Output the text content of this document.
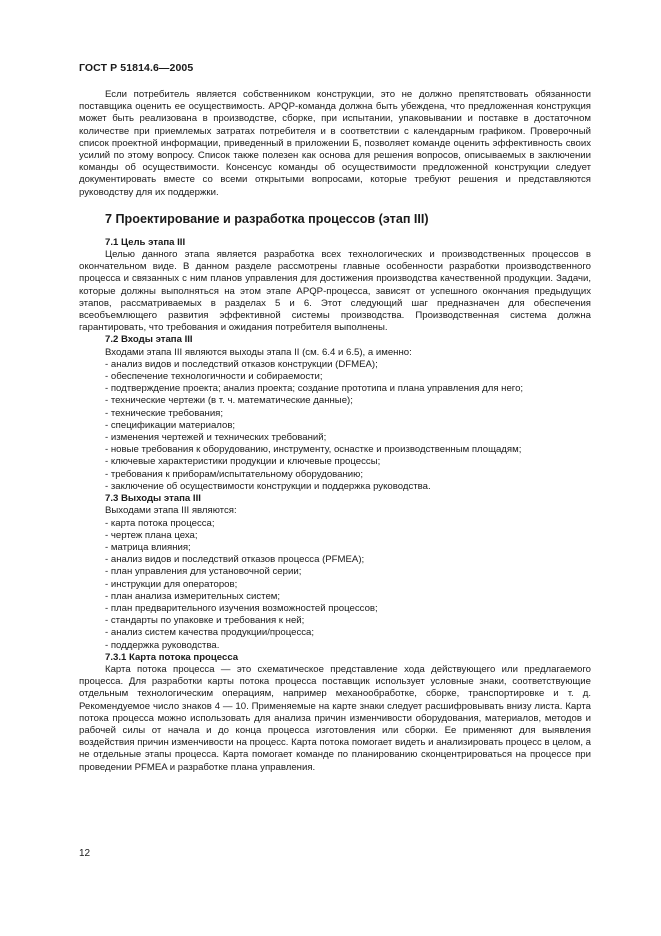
ГОСТ Р 51814.6—2005

Если потребитель является собственником конструкции, это не должно препятствовать обязанности поставщика оценить ее осуществимость. APQP-команда должна быть убеждена, что предложенная конструкция может быть реализована в производстве, сборке, при испытании, упаковывании и поставке в достаточном количестве при приемлемых затратах потребителя и в соответствии с календарным графиком. Проверочный список проектной информации, приведенный в приложении Б, позволяет команде оценить эффективность своих усилий по этому вопросу. Список также полезен как основа для решения вопросов, описываемых в заключении команды об осуществимости. Консенсус команды об осуществимости предложенной конструкции следует документировать вместе со всеми открытыми вопросами, которые требуют решения и представляются руководству для их поддержки.

7 Проектирование и разработка процессов (этап III)
7.1 Цель этапа III

Целью данного этапа является разработка всех технологических и производственных процессов в окончательном виде. В данном разделе рассмотрены главные особенности разработки производственного процесса и связанных с ним планов управления для достижения производства качественной продукции. Задачи, которые должны выполняться на этом этапе APQP-процесса, зависят от успешного окончания предыдущих этапов, рассматриваемых в разделах 5 и 6. Этот следующий шаг предназначен для обеспечения всеобъемлющего развития эффективной системы производства. Производственная система должна гарантировать, что требования и ожидания потребителя выполнены.

7.2 Входы этапа III

Входами этапа III являются выходы этапа II (см. 6.4 и 6.5), а именно:

- анализ видов и последствий отказов конструкции (DFMEA);
- обеспечение технологичности и собираемости;
- подтверждение проекта; анализ проекта; создание прототипа и плана управления для него;
- технические чертежи (в т. ч. математические данные);
- технические требования;
- спецификации материалов;
- изменения чертежей и технических требований;
- новые требования к оборудованию, инструменту, оснастке и производственным площадям;
- ключевые характеристики продукции и ключевые процессы;
- требования к приборам/испытательному оборудованию;
- заключение об осуществимости конструкции и поддержка руководства.
7.3 Выходы этапа III

Выходами этапа III являются:

- карта потока процесса;
- чертеж плана цеха;
- матрица влияния;
- анализ видов и последствий отказов процесса (PFMEA);
- план управления для установочной серии;
- инструкции для операторов;
- план анализа измерительных систем;
- план предварительного изучения возможностей процессов;
- стандарты по упаковке и требования к ней;
- анализ систем качества продукции/процесса;
- поддержка руководства.
7.3.1 Карта потока процесса

Карта потока процесса — это схематическое представление хода действующего или предлагаемого процесса. Для разработки карты потока процесса поставщик использует условные знаки, соответствующие отдельным технологическим операциям, например механообработке, сборке, транспортировке и т. д. Рекомендуемое число знаков 4 — 10. Применяемые на карте знаки следует расшифровывать внизу листа. Карта потока процесса можно использовать для анализа причин изменчивости оборудования, материалов, методов и рабочей силы от начала и до конца процесса изготовления или сборки. Ее применяют для выявления воздействия причин изменчивости на процесс. Карта потока помогает видеть и анализировать процесс в целом, а не отдельные этапы процесса. Карта помогает команде по планированию сконцентрироваться на процессе при проведении PFMEA и разработке плана управления.

12
